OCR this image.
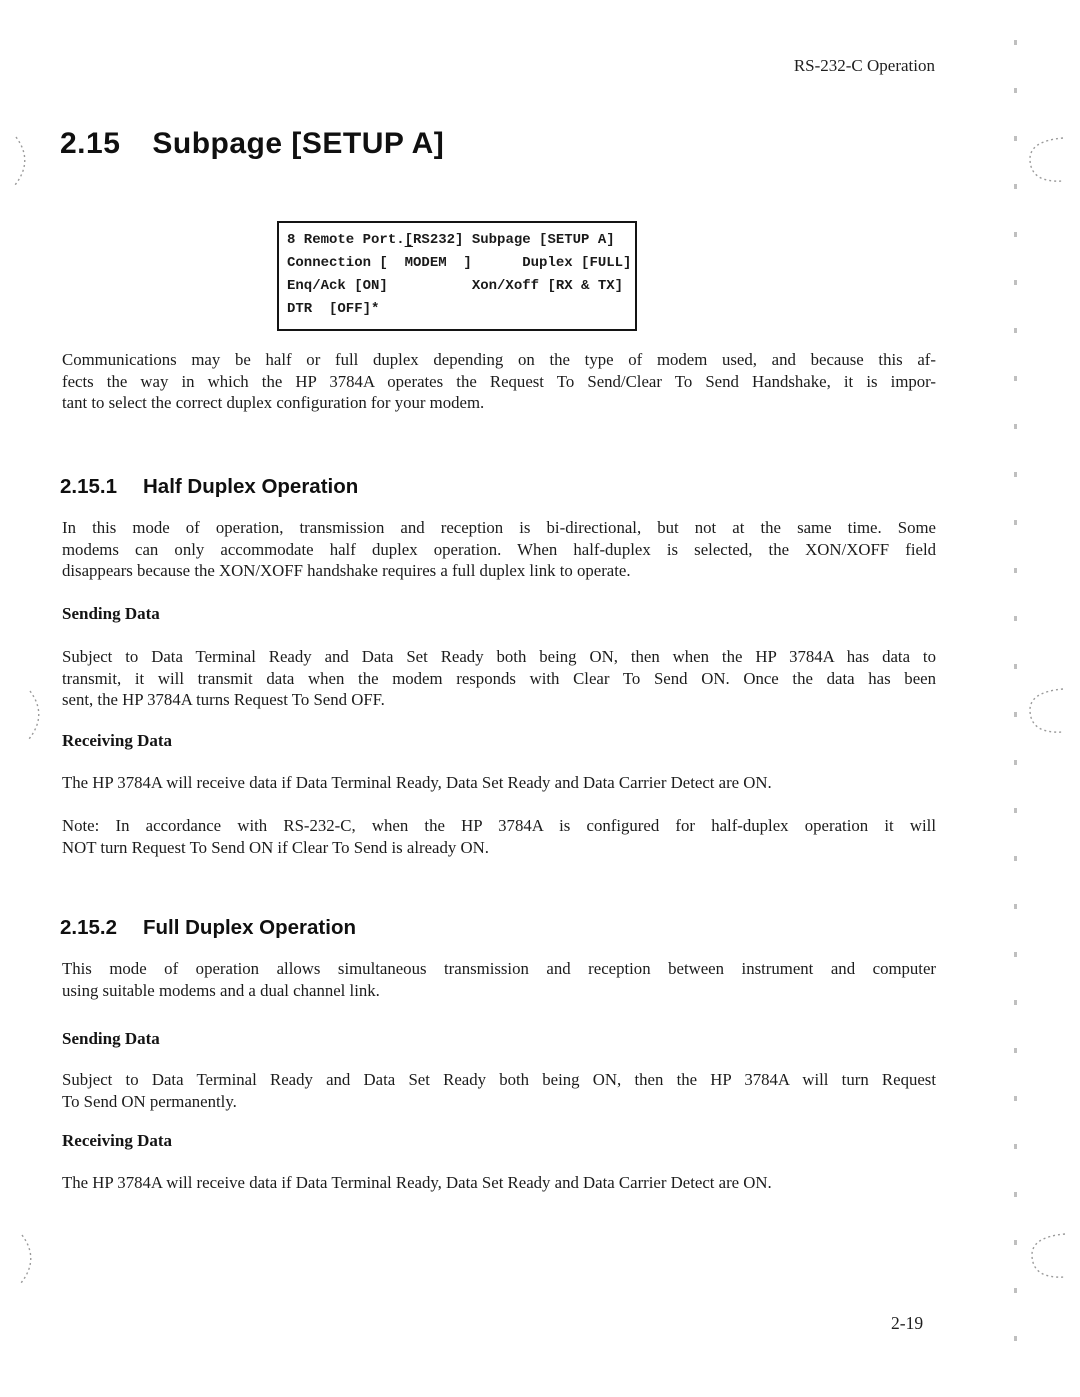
RS-232-C Operation
2.15 Subpage [SETUP A]
8 Remote Port.[RS232] Subpage [SETUP A]
Connection [  MODEM  ]      Duplex [FULL]
Enq/Ack [ON]          Xon/Xoff [RX & TX]
DTR  [OFF]*
Communications may be half or full duplex depending on the type of modem used, and because this af-
fects the way in which the HP 3784A operates the Request To Send/Clear To Send Handshake, it is impor-
tant to select the correct duplex configuration for your modem.
2.15.1 Half Duplex Operation
In this mode of operation, transmission and reception is bi-directional, but not at the same time. Some
modems can only accommodate half duplex operation. When half-duplex is selected, the XON/XOFF field
disappears because the XON/XOFF handshake requires a full duplex link to operate.
Sending Data
Subject to Data Terminal Ready and Data Set Ready both being ON, then when the HP 3784A has data to
transmit, it will transmit data when the modem responds with Clear To Send ON. Once the data has been
sent, the HP 3784A turns Request To Send OFF.
Receiving Data
The HP 3784A will receive data if Data Terminal Ready, Data Set Ready and Data Carrier Detect are ON.
Note: In accordance with RS-232-C, when the HP 3784A is configured for half-duplex operation it will
NOT turn Request To Send ON if Clear To Send is already ON.
2.15.2 Full Duplex Operation
This mode of operation allows simultaneous transmission and reception between instrument and computer
using suitable modems and a dual channel link.
Sending Data
Subject to Data Terminal Ready and Data Set Ready both being ON, then the HP 3784A will turn Request
To Send ON permanently.
Receiving Data
The HP 3784A will receive data if Data Terminal Ready, Data Set Ready and Data Carrier Detect are ON.
2-19
